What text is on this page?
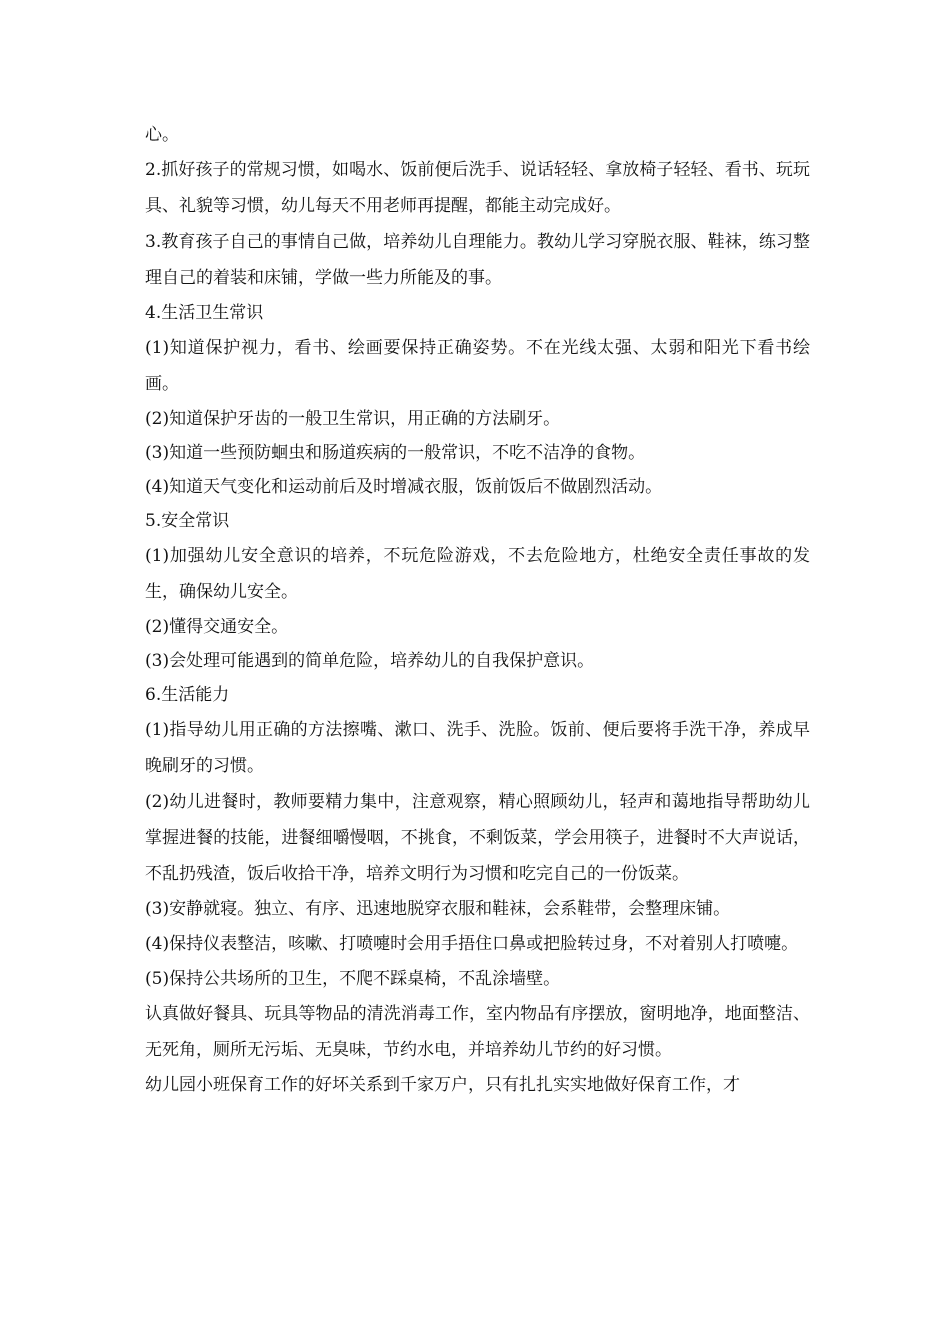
心。

2.抓好孩子的常规习惯，如喝水、饭前便后洗手、说话轻轻、拿放椅子轻轻、看书、玩玩具、礼貌等习惯，幼儿每天不用老师再提醒，都能主动完成好。

3.教育孩子自己的事情自己做，培养幼儿自理能力。教幼儿学习穿脱衣服、鞋袜，练习整理自己的着装和床铺，学做一些力所能及的事。

4.生活卫生常识

(1)知道保护视力，看书、绘画要保持正确姿势。不在光线太强、太弱和阳光下看书绘画。

(2)知道保护牙齿的一般卫生常识，用正确的方法刷牙。

(3)知道一些预防蛔虫和肠道疾病的一般常识，不吃不洁净的食物。

(4)知道天气变化和运动前后及时增减衣服，饭前饭后不做剧烈活动。

5.安全常识

(1)加强幼儿安全意识的培养，不玩危险游戏，不去危险地方，杜绝安全责任事故的发生，确保幼儿安全。

(2)懂得交通安全。

(3)会处理可能遇到的简单危险，培养幼儿的自我保护意识。

6.生活能力

(1)指导幼儿用正确的方法擦嘴、漱口、洗手、洗脸。饭前、便后要将手洗干净，养成早晚刷牙的习惯。

(2)幼儿进餐时，教师要精力集中，注意观察，精心照顾幼儿，轻声和蔼地指导帮助幼儿掌握进餐的技能，进餐细嚼慢咽，不挑食，不剩饭菜，学会用筷子，进餐时不大声说话，不乱扔残渣，饭后收拾干净，培养文明行为习惯和吃完自己的一份饭菜。

(3)安静就寝。独立、有序、迅速地脱穿衣服和鞋袜，会系鞋带，会整理床铺。

(4)保持仪表整洁，咳嗽、打喷嚏时会用手捂住口鼻或把脸转过身，不对着别人打喷嚏。

(5)保持公共场所的卫生，不爬不踩桌椅，不乱涂墙壁。

认真做好餐具、玩具等物品的清洗消毒工作，室内物品有序摆放，窗明地净，地面整洁、无死角，厕所无污垢、无臭味，节约水电，并培养幼儿节约的好习惯。

幼儿园小班保育工作的好坏关系到千家万户，只有扎扎实实地做好保育工作，才
